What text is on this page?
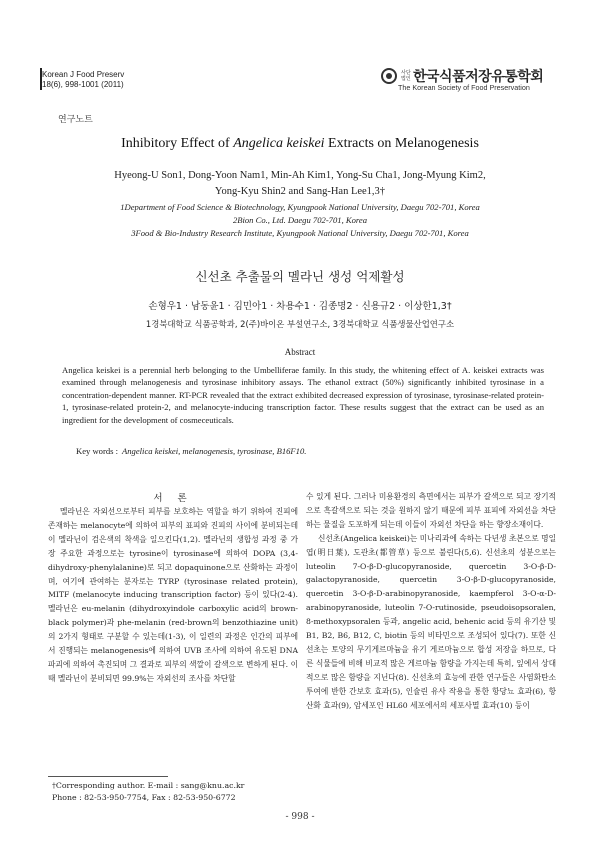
Korean J Food Preserv
18(6), 998-1001 (2011)
사단 법인 한국식품저장유통학회
The Korean Society of Food Preservation
연구노트
Inhibitory Effect of Angelica keiskei Extracts on Melanogenesis
Hyeong-U Son1, Dong-Yoon Nam1, Min-Ah Kim1, Yong-Su Cha1, Jong-Myung Kim2,
Yong-Kyu Shin2 and Sang-Han Lee1,3†
1Department of Food Science & Biotechnology, Kyungpook National University, Daegu 702-701, Korea
2Bion Co., Ltd. Daegu 702-701, Korea
3Food & Bio-Industry Research Institute, Kyungpook National University, Daegu 702-701, Korea
신선초 추출물의 멜라닌 생성 억제활성
손형우1 · 남동윤1 · 김민아1 · 차용수1 · 김종명2 · 신용규2 · 이상한1,3†
1경북대학교 식품공학과, 2(주)바이온 부설연구소, 3경북대학교 식품생물산업연구소
Abstract
Angelica keiskei is a perennial herb belonging to the Umbelliferae family. In this study, the whitening effect of A. keiskei extracts was examined through melanogenesis and tyrosinase inhibitory assays. The ethanol extract (50%) significantly inhibited tyrosinase in a concentration-dependent manner. RT-PCR revealed that the extract exhibited decreased expression of tyrosinase, tyrosinase-related protein-1, tyrosinase-related protein-2, and melanocyte-inducing transcription factor. These results suggest that the extract can be used as an ingredient for the development of cosmeceuticals.
Key words : Angelica keiskei, melanogenesis, tyrosinase, B16F10.
서 론
멜라닌은 자외선으로부터 피부를 보호하는 역할을 하기 위하여 진피에 존재하는 melanocyte에 의하여 피부의 표피와 진피의 사이에 분비되는데 이 멜라닌이 검은색의 착색을 일으킨다(1,2). 멜라닌의 생합성 과정 중 가장 주요한 과정으로는 tyrosine이 tyrosinase에 의하여 DOPA (3,4-dihydroxy-phenylalanine)로 되고 dopaquinone으로 산화하는 과정이며, 여기에 관여하는 분자로는 TYRP (tyrosinase related protein), MITF (melanocyte inducing transcription factor) 등이 있다(2-4). 멜라닌은 eu-melanin (dihydroxyindole carboxylic acid의 brown-black polymer)과 phe-melanin (red-brown의 benzothiazine unit)의 2가지 형태로 구분할 수 있는데(1-3), 이 일련의 과정은 인간의 피부에서 진행되는 melanogenesis에 의하여 UVB 조사에 의하여 유도된 DNA 파괴에 의하여 촉진되며 그 결과로 피부의 색깔이 갈색으로 변하게 된다. 이 때 멜라닌이 분비되면 99.9%는 자외선의 조사를 차단할
수 있게 된다. 그러나 미용환경의 측면에서는 피부가 갈색으로 되고 장기적으로 흑갈색으로 되는 것을 원하지 않기 때문에 피부 표피에 자외선을 차단하는 물질을 도포하게 되는데 이들이 자외선 차단을 하는 향장소재이다.
신선초(Angelica keiskei)는 미나리과에 속하는 다년생 초본으로 명일엽(明日葉), 도관초(都管草) 등으로 불린다(5,6). 신선초의 성분으로는 luteolin 7-O-β-D-glucopyranoside, quercetin 3-O-β-D-galactopyranoside, quercetin 3-O-β-D-glucopyranoside, quercetin 3-O-β-D-arabinopyranoside, kaempferol 3-O-α-D-arabinopyranoside, luteolin 7-O-rutinoside, pseudoisopsoralen, 8-methoxypsoralen 등과, angelic acid, behenic acid 등의 유기산 및 B1, B2, B6, B12, C, biotin 등의 비타민으로 조성되어 있다(7). 또한 신선초는 토양의 무기게르마늄을 유기 게르마늄으로 합성 저장을 하므로, 다른 식물들에 비해 비교적 많은 게르마늄 함량을 가지는데 특히, 잎에서 상대적으로 많은 함량을 지닌다(8). 신선초의 효능에 관한 연구들은 사염화탄소 투여에 반한 간보호 효과(5), 인슐린 유사 작용을 통한 항당뇨 효과(6), 항산화 효과(9), 암세포인 HL60 세포에서의 세포사멸 효과(10) 등이
†Corresponding author. E-mail : sang@knu.ac.kr
Phone : 82-53-950-7754, Fax : 82-53-950-6772
- 998 -
